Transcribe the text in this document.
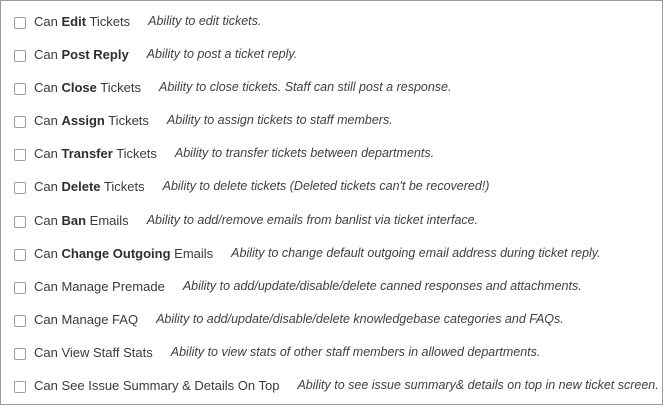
Can Edit Tickets Ability to edit tickets.
Can Post Reply Ability to post a ticket reply.
Can Close Tickets Ability to close tickets. Staff can still post a response.
Can Assign Tickets Ability to assign tickets to staff members.
Can Transfer Tickets Ability to transfer tickets between departments.
Can Delete Tickets Ability to delete tickets (Deleted tickets can't be recovered!)
Can Ban Emails Ability to add/remove emails from banlist via ticket interface.
Can Change Outgoing Emails Ability to change default outgoing email address during ticket reply.
Can Manage Premade Ability to add/update/disable/delete canned responses and attachments.
Can Manage FAQ Ability to add/update/disable/delete knowledgebase categories and FAQs.
Can View Staff Stats Ability to view stats of other staff members in allowed departments.
Can See Issue Summary & Details On Top Ability to see issue summary& details on top in new ticket screen.
